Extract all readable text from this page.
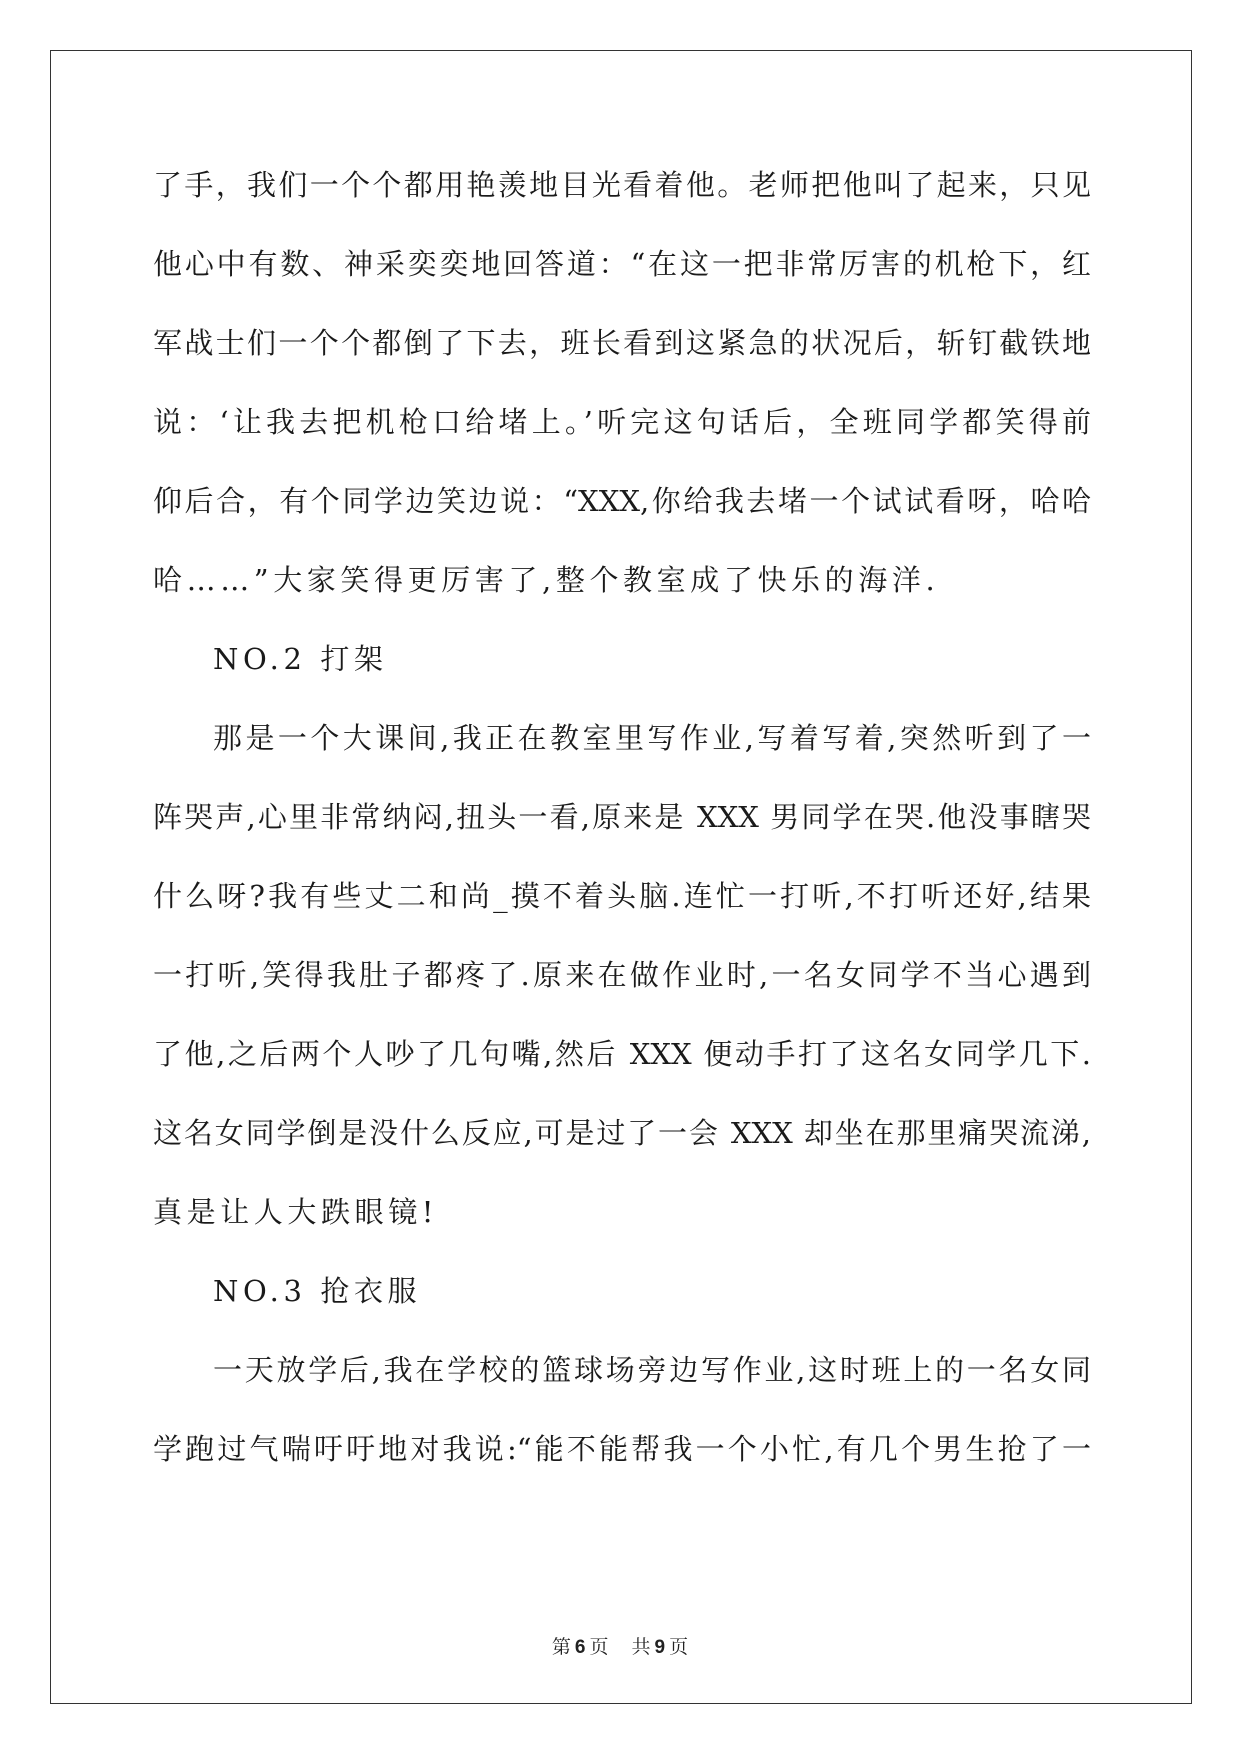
了手，我们一个个都用艳羡地目光看着他。老师把他叫了起来，只见
他心中有数、神采奕奕地回答道：“在这一把非常厉害的机枪下，红
军战士们一个个都倒了下去，班长看到这紧急的状况后，斩钉截铁地
说：‘让我去把机枪口给堵上。’听完这句话后，全班同学都笑得前
仰后合，有个同学边笑边说：“XXX,你给我去堵一个试试看呀，哈哈
哈……”大家笑得更厉害了,整个教室成了快乐的海洋.
NO.2 打架
那是一个大课间,我正在教室里写作业,写着写着,突然听到了一
阵哭声,心里非常纳闷,扭头一看,原来是 XXX 男同学在哭.他没事瞎哭
什么呀?我有些丈二和尚_摸不着头脑.连忙一打听,不打听还好,结果
一打听,笑得我肚子都疼了.原来在做作业时,一名女同学不当心遇到
了他,之后两个人吵了几句嘴,然后 XXX 便动手打了这名女同学几下.
这名女同学倒是没什么反应,可是过了一会 XXX 却坐在那里痛哭流涕,
真是让人大跌眼镜!
NO.3 抢衣服
一天放学后,我在学校的篮球场旁边写作业,这时班上的一名女同
学跑过气喘吁吁地对我说:“能不能帮我一个小忙,有几个男生抢了一
第 6 页 共 9 页
